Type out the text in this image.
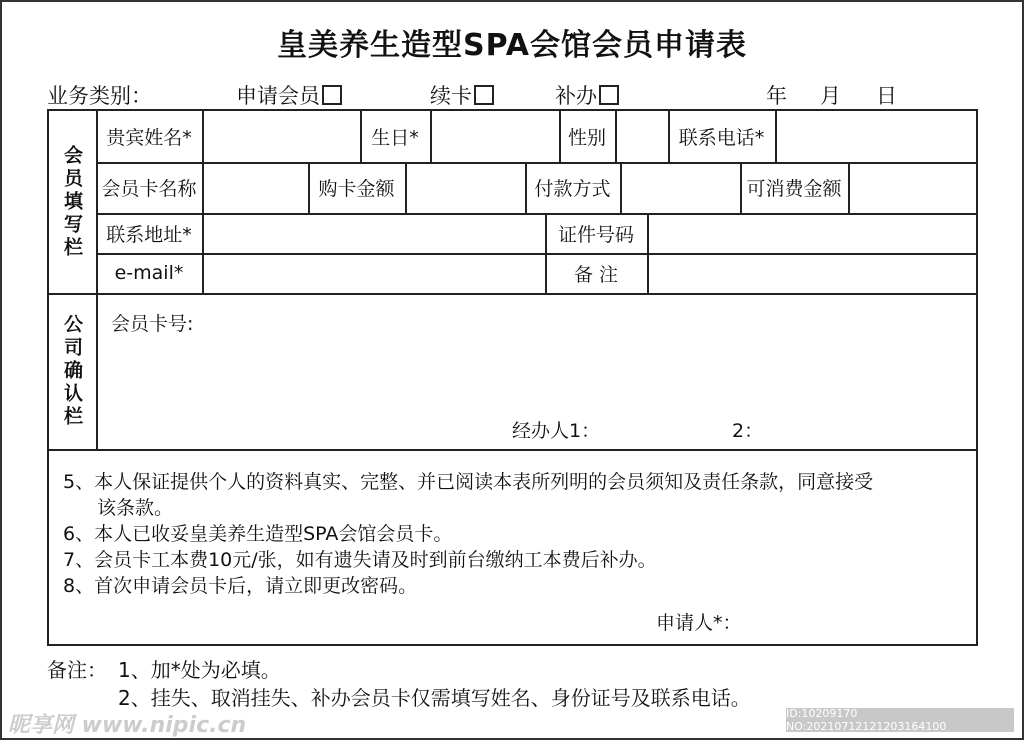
皇美养生造型SPA会馆会员申请表
业务类别：	申请会员	续卡	补办	年 月 日
会员填写栏
贵宾姓名*	生日*	性别	联系电话*
会员卡名称	购卡金额	付款方式	可消费金额
联系地址*	证件号码
e-mail*	备 注
公司确认栏 会员卡号:
经办人1：	2：
5、本人保证提供个人的资料真实、完整、并已阅读本表所列明的会员须知及责任条款，同意接受
该条款。
6、本人已收妥皇美养生造型SPA会馆会员卡。
7、会员卡工本费10元/张，如有遗失请及时到前台缴纳工本费后补办。
8、首次申请会员卡后，请立即更改密码。
申请人*：
备注： 1、加*处为必填。
2、挂失、取消挂失、补办会员卡仅需填写姓名、身份证号及联系电话。
昵享网 www.nipic.cn	ID:10209170 NO:20210712121203164100
